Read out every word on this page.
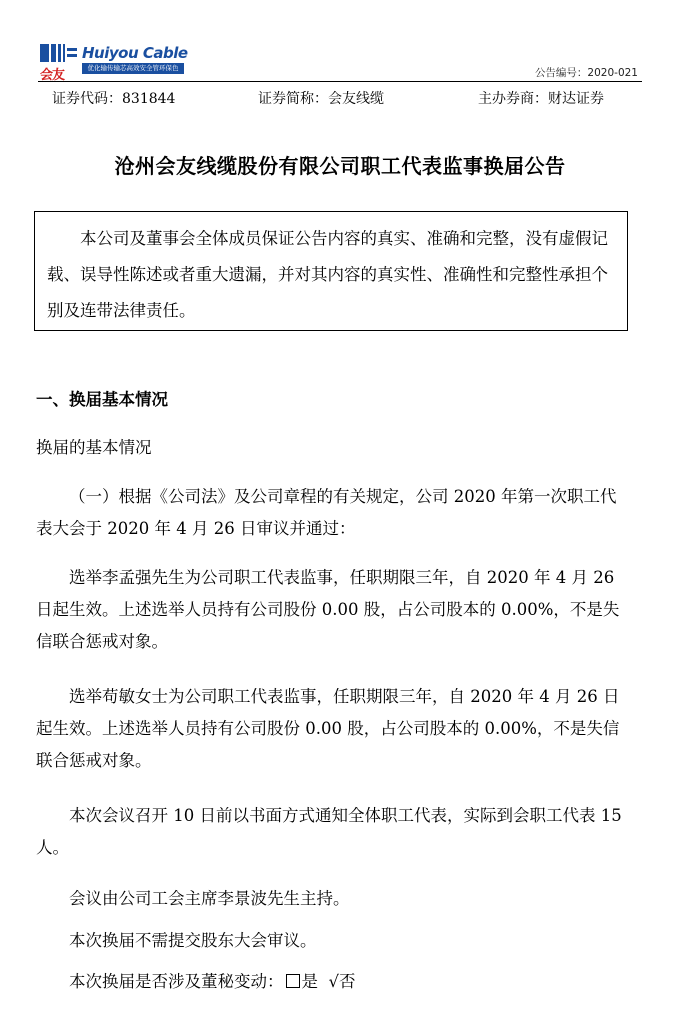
会友
Huiyou Cable
优化输传输芯高效安全管环保色	公告编号：2020-021
证券代码：831844	证券简称：会友线缆	主办券商：财达证券
沧州会友线缆股份有限公司职工代表监事换届公告

本公司及董事会全体成员保证公告内容的真实、准确和完整，没有虚假记载、误导性陈述或者重大遗漏，并对其内容的真实性、准确性和完整性承担个别及连带法律责任。

一、换届基本情况

换届的基本情况

（一）根据《公司法》及公司章程的有关规定，公司 2020 年第一次职工代表大会于 2020 年 4 月 26 日审议并通过：

选举李孟强先生为公司职工代表监事，任职期限三年，自 2020 年 4 月 26 日起生效。上述选举人员持有公司股份 0.00 股，占公司股本的 0.00%，不是失信联合惩戒对象。

选举苟敏女士为公司职工代表监事，任职期限三年，自 2020 年 4 月 26 日起生效。上述选举人员持有公司股份 0.00 股，占公司股本的 0.00%，不是失信联合惩戒对象。

本次会议召开 10 日前以书面方式通知全体职工代表，实际到会职工代表 15 人。

会议由公司工会主席李景波先生主持。

本次换届不需提交股东大会审议。

本次换届是否涉及董秘变动： 是 √否
